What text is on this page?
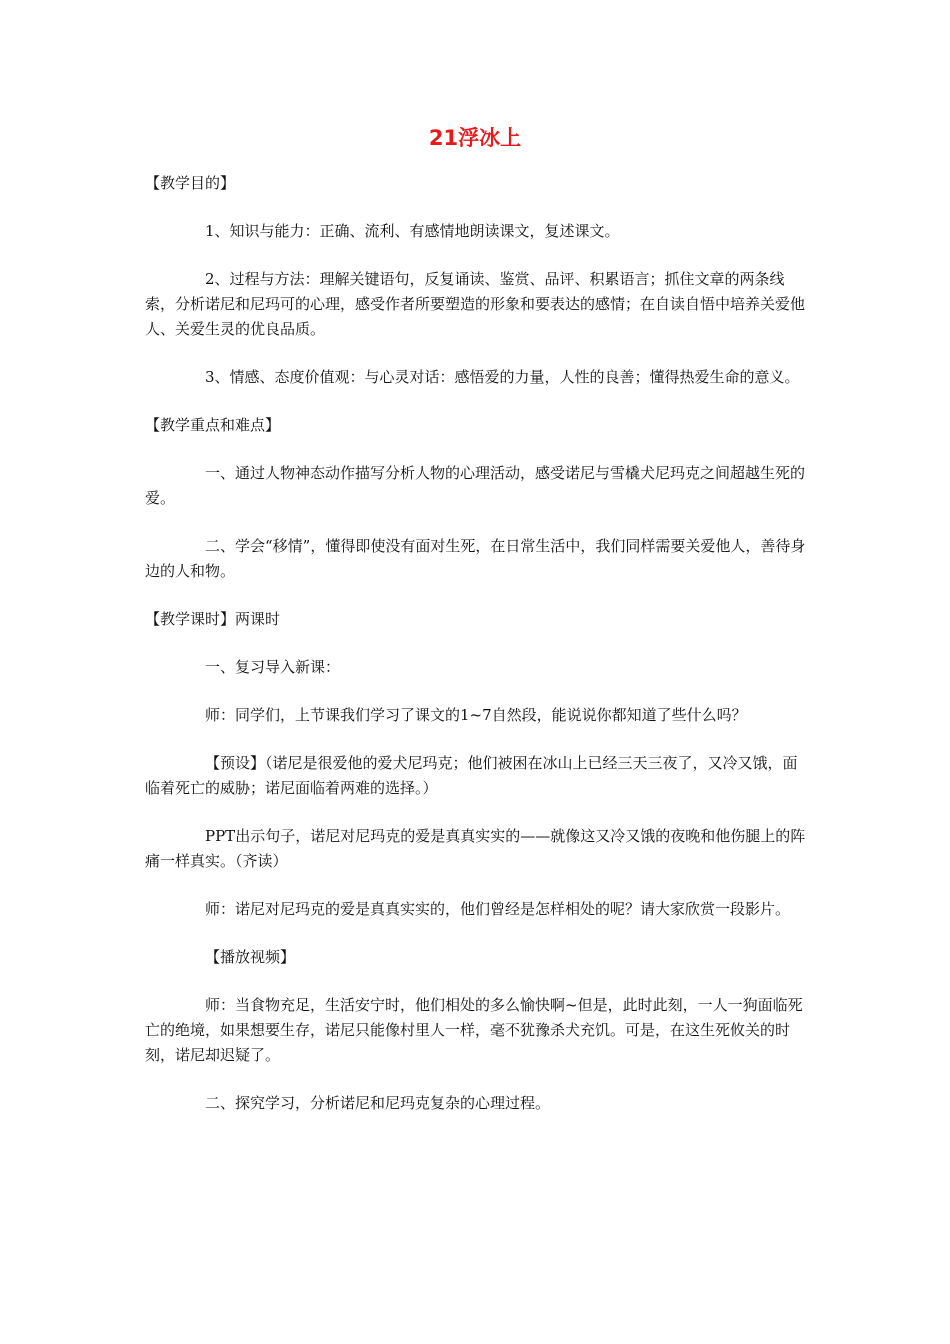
21浮冰上

【教学目的】

1、知识与能力：正确、流利、有感情地朗读课文，复述课文。

2、过程与方法：理解关键语句，反复诵读、鉴赏、品评、积累语言；抓住文章的两条线索，分析诺尼和尼玛可的心理，感受作者所要塑造的形象和要表达的感情；在自读自悟中培养关爱他人、关爱生灵的优良品质。

3、情感、态度价值观：与心灵对话：感悟爱的力量，人性的良善；懂得热爱生命的意义。

【教学重点和难点】

一、通过人物神态动作描写分析人物的心理活动，感受诺尼与雪橇犬尼玛克之间超越生死的爱。

二、学会“移情”，懂得即使没有面对生死，在日常生活中，我们同样需要关爱他人，善待身边的人和物。

【教学课时】两课时

一、复习导入新课：

师：同学们，上节课我们学习了课文的1~7自然段，能说说你都知道了些什么吗？

【预设】（诺尼是很爱他的爱犬尼玛克；他们被困在冰山上已经三天三夜了，又冷又饿，面临着死亡的威胁；诺尼面临着两难的选择。）

PPT出示句子，诺尼对尼玛克的爱是真真实实的——就像这又冷又饿的夜晚和他伤腿上的阵痛一样真实。（齐读）

师：诺尼对尼玛克的爱是真真实实的，他们曾经是怎样相处的呢？请大家欣赏一段影片。

【播放视频】

师：当食物充足，生活安宁时，他们相处的多么愉快啊~但是，此时此刻，一人一狗面临死亡的绝境，如果想要生存，诺尼只能像村里人一样，毫不犹豫杀犬充饥。可是，在这生死攸关的时刻，诺尼却迟疑了。

二、探究学习，分析诺尼和尼玛克复杂的心理过程。
